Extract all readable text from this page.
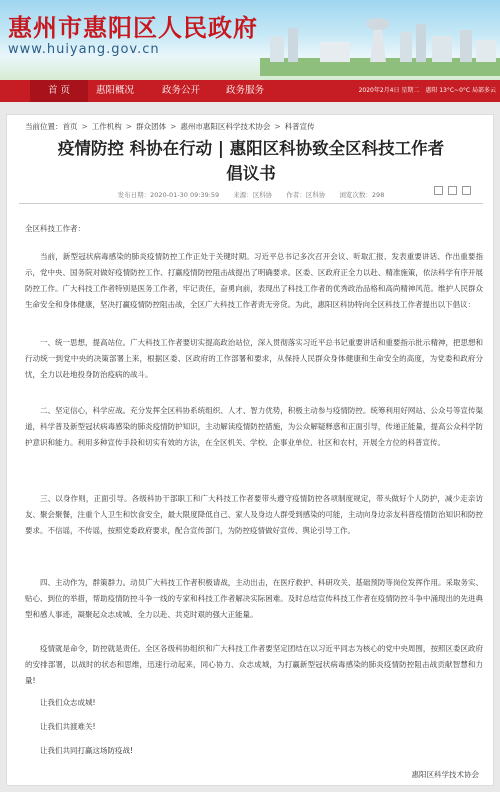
惠州市惠阳区人民政府
www.huiyang.gov.cn
首 页	惠阳概况	政务公开	政务服务	2020年2月4日 星期二 惠阳 13°C~0°C 局部多云
当前位置：首页 > 工作机构 > 群众团体 > 惠州市惠阳区科学技术协会 > 科普宣传
疫情防控 科协在行动 | 惠阳区科协致全区科技工作者
倡议书
发布日期：2020-01-30 09:39:59 来源：区科协 作者：区科协 浏览次数：298
全区科技工作者：
当前，新型冠状病毒感染的肺炎疫情防控工作正处于关键时期。习近平总书记多次召开会议、听取汇报、发表重要讲话、作出重要指示，党中央、国务院对做好疫情防控工作、打赢疫情防控阻击战提出了明确要求。区委、区政府正全力以赴、精准施策，依法科学有序开展防控工作。广大科技工作者特别是医务工作者，牢记责任，奋勇向前，表现出了科技工作者的优秀政治品格和高尚精神风范。维护人民群众生命安全和身体健康，坚决打赢疫情防控阻击战，全区广大科技工作者责无旁贷。为此，惠阳区科协特向全区科技工作者提出以下倡议：
一、统一思想，提高站位。广大科技工作者要切实提高政治站位，深入贯彻落实习近平总书记重要讲话和重要指示批示精神，把思想和行动统一到党中央的决策部署上来，根据区委、区政府的工作部署和要求，从保持人民群众身体健康和生命安全的高度，为党委和政府分忧，全力以赴地投身防治疫病的战斗。
二、坚定信心，科学应战。充分发挥全区科协系统组织、人才、智力优势，积极主动参与疫情防控。统筹利用好网站、公众号等宣传渠道，科学普及新型冠状病毒感染的肺炎疫情防护知识，主动解读疫情防控措施，为公众解疑释惑和正面引导，传递正能量，提高公众科学防护意识和能力。利用多种宣传手段和切实有效的方法，在全区机关、学校、企事业单位、社区和农村，开展全方位的科普宣传。
三、以身作则，正面引导。各级科协干部职工和广大科技工作者要带头遵守疫情防控各项制度规定，带头做好个人防护，减少走亲访友、聚会聚餐，注重个人卫生和饮食安全，最大限度降低自己、家人及身边人群受到感染的可能，主动向身边亲友科普疫情防治知识和防控要求。不信谣，不传谣，按照党委政府要求，配合宣传部门，为防控疫情做好宣传、舆论引导工作。
四、主动作为，群策群力。动员广大科技工作者积极请战，主动出击，在医疗救护、科研攻关、基础预防等岗位发挥作用。采取务实、贴心、到位的举措，帮助疫情防控斗争一线的专家和科技工作者解决实际困难。及时总结宣传科技工作者在疫情防控斗争中涌现出的先进典型和感人事迹，凝聚起众志成城、全力以赴、共克时艰的强大正能量。
疫情就是命令，防控就是责任。全区各级科协组织和广大科技工作者要坚定团结在以习近平同志为核心的党中央周围，按照区委区政府的安排部署，以战时的状态和思维，迅速行动起来，同心协力、众志成城，为打赢新型冠状病毒感染的肺炎疫情防控阻击战贡献智慧和力量!
让我们众志成城!
让我们共渡难关!
让我们共同打赢这场防疫战!
惠阳区科学技术协会
